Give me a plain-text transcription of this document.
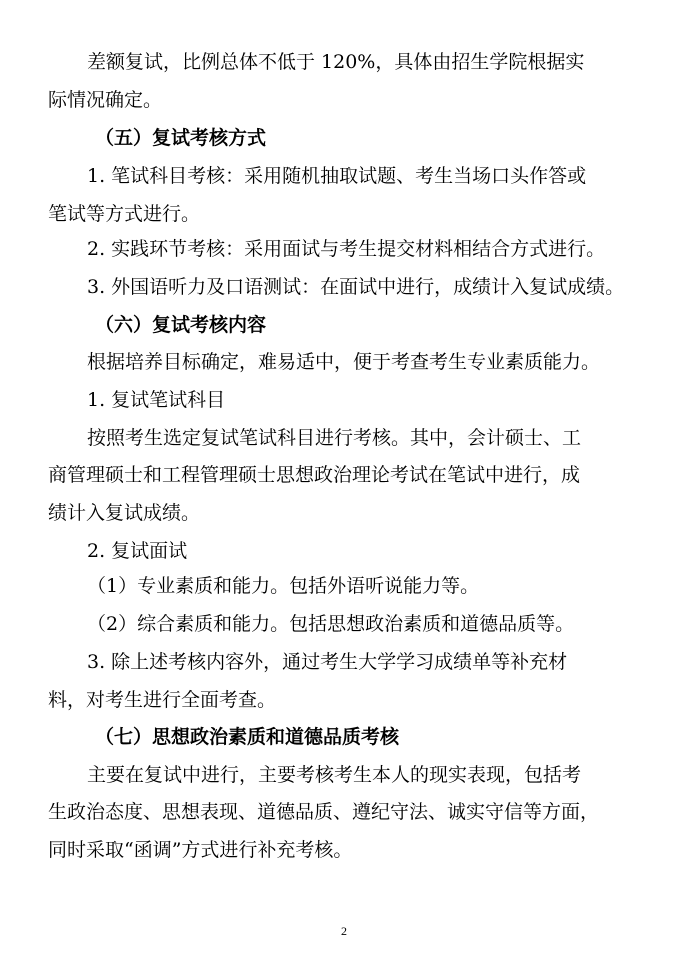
差额复试，比例总体不低于 120%，具体由招生学院根据实
际情况确定。
（五）复试考核方式
1. 笔试科目考核：采用随机抽取试题、考生当场口头作答或
笔试等方式进行。
2. 实践环节考核：采用面试与考生提交材料相结合方式进行。
3. 外国语听力及口语测试：在面试中进行，成绩计入复试成绩。
（六）复试考核内容
根据培养目标确定，难易适中，便于考查考生专业素质能力。
1. 复试笔试科目
按照考生选定复试笔试科目进行考核。其中，会计硕士、工
商管理硕士和工程管理硕士思想政治理论考试在笔试中进行，成
绩计入复试成绩。
2. 复试面试
（1）专业素质和能力。包括外语听说能力等。
（2）综合素质和能力。包括思想政治素质和道德品质等。
3. 除上述考核内容外，通过考生大学学习成绩单等补充材
料，对考生进行全面考查。
（七）思想政治素质和道德品质考核
主要在复试中进行，主要考核考生本人的现实表现，包括考
生政治态度、思想表现、道德品质、遵纪守法、诚实守信等方面，
同时采取“函调”方式进行补充考核。
2
